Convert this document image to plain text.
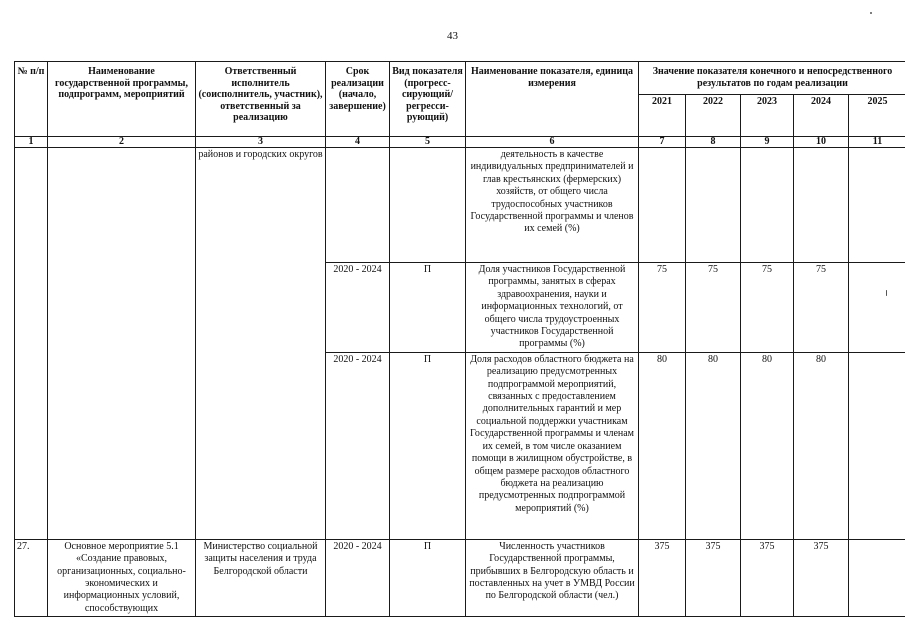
43
№ п/п	Наименование государственной программы, подпрограмм, мероприятий	Ответственный исполнитель (соисполнитель, участник), ответственный за реализацию	Срок реализации (начало, завершение)	Вид показателя (прогресс-сирующий/ регресси-рующий)	Наименование показателя, единица измерения	Значение показателя конечного и непосредственного результатов по годам реализации				
						2021	2022	2023	2024	2025
1	2	3	4	5	6	7	8	9	10	11
		районов и городских округов			деятельность в качестве индивидуальных предпринимателей и глав крестьянских (фермерских) хозяйств, от общего числа трудоспособных участников Государственной программы и членов их семей (%)					
			2020 - 2024	П	Доля участников Государственной программы, занятых в сферах здравоохранения, науки и информационных технологий, от общего числа трудоустроенных участников Государственной программы (%)	75	75	75	75	
			2020 - 2024	П	Доля расходов областного бюджета на реализацию предусмотренных подпрограммой мероприятий, связанных с предоставлением дополнительных гарантий и мер социальной поддержки участникам Государственной программы и членам их семей, в том числе оказанием помощи в жилищном обустройстве, в общем размере расходов областного бюджета на реализацию предусмотренных подпрограммой мероприятий (%)	80	80	80	80	
27.	Основное мероприятие 5.1 «Создание правовых, организационных, социально-экономических и информационных условий, способствующих	Министерство социальной защиты населения и труда Белгородской области	2020 - 2024	П	Численность участников Государственной программы, прибывших в Белгородскую область и поставленных на учет в УМВД России по Белгородской области (чел.)	375	375	375	375	
